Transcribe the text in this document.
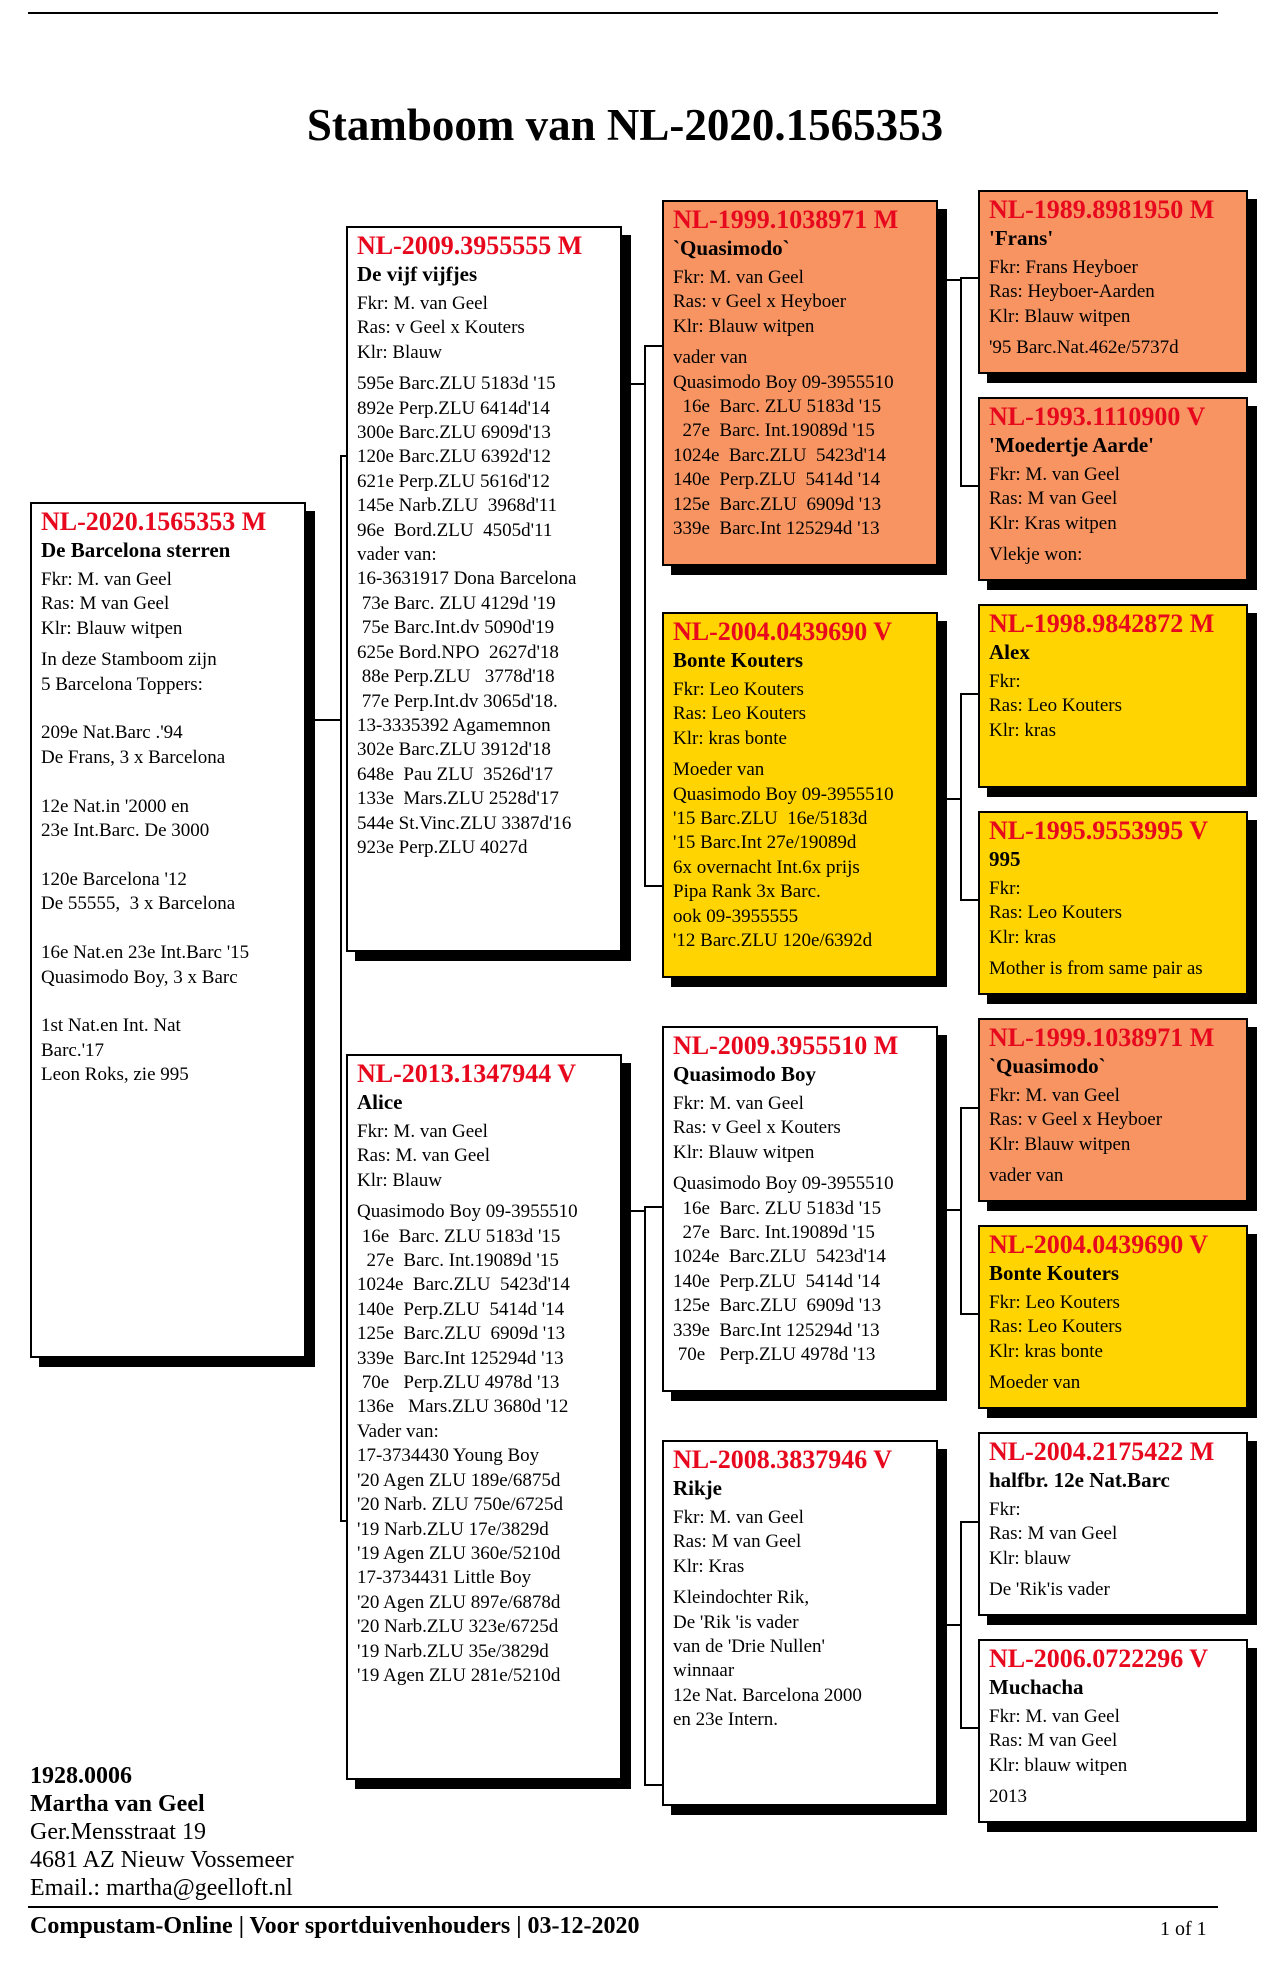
Stamboom van NL-2020.1565353
NL-2020.1565353 M
De Barcelona sterren
Fkr: M. van Geel
Ras: M van Geel
Klr: Blauw witpen
In deze Stamboom zijn
5 Barcelona Toppers:

209e Nat.Barc .'94
De Frans, 3 x Barcelona

12e Nat.in '2000 en
23e Int.Barc. De 3000

120e Barcelona '12
De 55555,  3 x Barcelona

16e Nat.en 23e Int.Barc '15
Quasimodo Boy, 3 x Barc

1st Nat.en Int. Nat
Barc.'17
Leon Roks, zie 995
NL-2009.3955555 M
De vijf vijfjes
Fkr: M. van Geel
Ras: v Geel x Kouters
Klr: Blauw
595e Barc.ZLU 5183d '15
892e Perp.ZLU 6414d'14
300e Barc.ZLU 6909d'13
120e Barc.ZLU 6392d'12
621e Perp.ZLU 5616d'12
145e Narb.ZLU  3968d'11
96e  Bord.ZLU  4505d'11
vader van:
16-3631917 Dona Barcelona
73e Barc. ZLU 4129d '19
75e Barc.Int.dv 5090d'19
625e Bord.NPO  2627d'18
88e Perp.ZLU   3778d'18
77e Perp.Int.dv 3065d'18.
13-3335392 Agamemnon
302e Barc.ZLU 3912d'18
648e  Pau ZLU  3526d'17
133e  Mars.ZLU 2528d'17
544e St.Vinc.ZLU 3387d'16
923e Perp.ZLU 4027d
NL-2013.1347944 V
Alice
Fkr: M. van Geel
Ras: M. van Geel
Klr: Blauw
Quasimodo Boy 09-3955510
16e  Barc. ZLU 5183d '15
27e  Barc. Int.19089d '15
1024e  Barc.ZLU  5423d'14
140e  Perp.ZLU  5414d '14
125e  Barc.ZLU  6909d '13
339e  Barc.Int 125294d '13
70e   Perp.ZLU 4978d '13
136e   Mars.ZLU 3680d '12
Vader van:
17-3734430 Young Boy
'20 Agen ZLU 189e/6875d
'20 Narb. ZLU 750e/6725d
'19 Narb.ZLU 17e/3829d
'19 Agen ZLU 360e/5210d
17-3734431 Little Boy
'20 Agen ZLU 897e/6878d
'20 Narb.ZLU 323e/6725d
'19 Narb.ZLU 35e/3829d
'19 Agen ZLU 281e/5210d
NL-1999.1038971 M
`Quasimodo`
Fkr: M. van Geel
Ras: v Geel x Heyboer
Klr: Blauw witpen
vader van
Quasimodo Boy 09-3955510
16e  Barc. ZLU 5183d '15
27e  Barc. Int.19089d '15
1024e  Barc.ZLU  5423d'14
140e  Perp.ZLU  5414d '14
125e  Barc.ZLU  6909d '13
339e  Barc.Int 125294d '13
NL-2004.0439690 V
Bonte Kouters
Fkr: Leo Kouters
Ras: Leo Kouters
Klr: kras bonte
Moeder van
Quasimodo Boy 09-3955510
'15 Barc.ZLU  16e/5183d
'15 Barc.Int 27e/19089d
6x overnacht Int.6x prijs
Pipa Rank 3x Barc.
ook 09-3955555
'12 Barc.ZLU 120e/6392d
NL-2009.3955510 M
Quasimodo Boy
Fkr: M. van Geel
Ras: v Geel x Kouters
Klr: Blauw witpen
Quasimodo Boy 09-3955510
16e  Barc. ZLU 5183d '15
27e  Barc. Int.19089d '15
1024e  Barc.ZLU  5423d'14
140e  Perp.ZLU  5414d '14
125e  Barc.ZLU  6909d '13
339e  Barc.Int 125294d '13
70e   Perp.ZLU 4978d '13
NL-2008.3837946 V
Rikje
Fkr: M. van Geel
Ras: M van Geel
Klr: Kras
Kleindochter Rik,
De 'Rik 'is vader
van de 'Drie Nullen'
winnaar
12e Nat. Barcelona 2000
en 23e Intern.
NL-1989.8981950 M
'Frans'
Fkr: Frans Heyboer
Ras: Heyboer-Aarden
Klr: Blauw witpen
'95 Barc.Nat.462e/5737d
NL-1993.1110900 V
'Moedertje Aarde'
Fkr: M. van Geel
Ras: M van Geel
Klr: Kras witpen
Vlekje won:
NL-1998.9842872 M
Alex
Fkr:
Ras: Leo Kouters
Klr: kras
NL-1995.9553995 V
995
Fkr:
Ras: Leo Kouters
Klr: kras
Mother is from same pair as
NL-1999.1038971 M
`Quasimodo`
Fkr: M. van Geel
Ras: v Geel x Heyboer
Klr: Blauw witpen
vader van
NL-2004.0439690 V
Bonte Kouters
Fkr: Leo Kouters
Ras: Leo Kouters
Klr: kras bonte
Moeder van
NL-2004.2175422 M
halfbr. 12e Nat.Barc
Fkr:
Ras: M van Geel
Klr: blauw
De 'Rik'is vader
NL-2006.0722296 V
Muchacha
Fkr: M. van Geel
Ras: M van Geel
Klr: blauw witpen
2013
1928.0006
Martha van Geel
Ger.Mensstraat 19
4681 AZ Nieuw Vossemeer
Email.: martha@geelloft.nl
Compustam-Online | Voor sportduivenhouders | 03-12-2020	1 of 1
